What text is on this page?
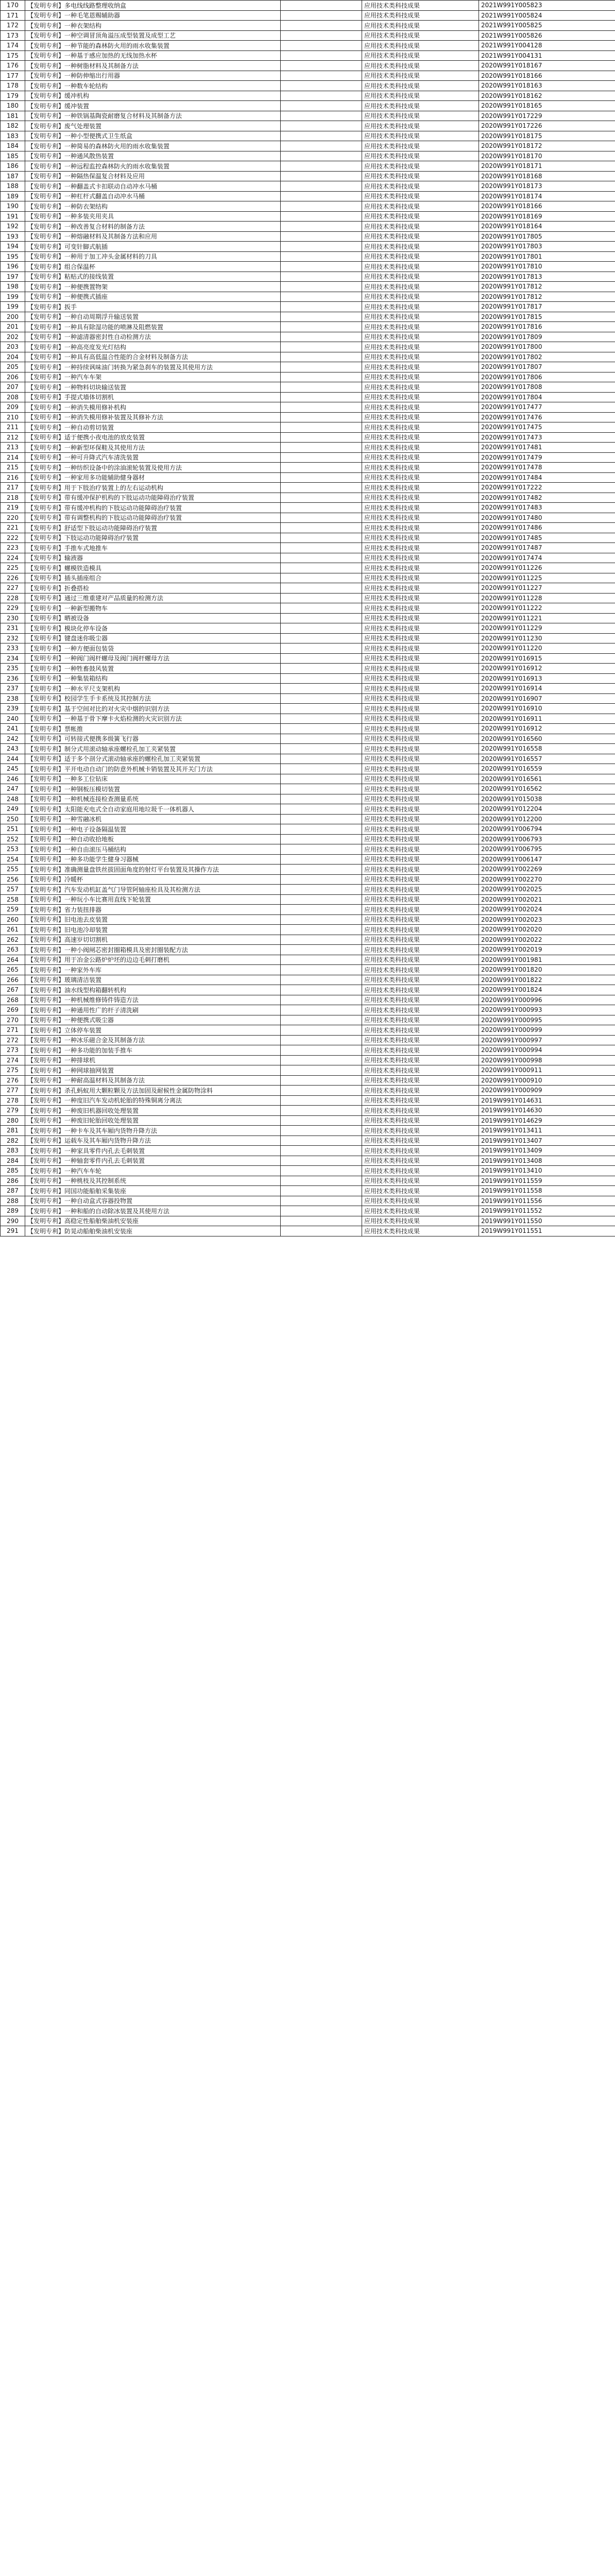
170	【发明专利】多电线线路整理收纳盒		应用技术类科技成果	2021W991Y005823
171	【发明专利】一种毛笔恩赐辅助器		应用技术类科技成果	2021W991Y005824
172	【发明专利】一种衣架结构		应用技术类科技成果	2021W991Y005825
173	【发明专利】一种空调冒顶角溢压成型装置及成型工艺		应用技术类科技成果	2021W991Y005826
174	【发明专利】一种节能的森林防火用的雨水收集装置		应用技术类科技成果	2021W991Y004128
175	【发明专利】一种基于感应加热的无线加热水杯		应用技术类科技成果	2021W991Y004131
176	【发明专利】一种树脂材料及其制备方法		应用技术类科技成果	2020W991Y018167
177	【发明专利】一种防伸缩出行用器		应用技术类科技成果	2020W991Y018166
178	【发明专利】一种数车轮结构		应用技术类科技成果	2020W991Y018163
179	【发明专利】缓冲机构		应用技术类科技成果	2020W991Y018162
180	【发明专利】缓冲装置		应用技术类科技成果	2020W991Y018165
181	【发明专利】一种铁锅基陶瓷耐磨复合材料及其制备方法		应用技术类科技成果	2020W991Y017229
182	【发明专利】废气处理装置		应用技术类科技成果	2020W991Y017226
183	【发明专利】一种小型便携式卫生纸盒		应用技术类科技成果	2020W991Y018175
184	【发明专利】一种简易的森林防火用的雨水收集装置		应用技术类科技成果	2020W991Y018172
185	【发明专利】一种通风散热装置		应用技术类科技成果	2020W991Y018170
186	【发明专利】一种远程监控森林防火的雨水收集装置		应用技术类科技成果	2020W991Y018171
187	【发明专利】一种隔热保温复合材料及应用		应用技术类科技成果	2020W991Y018168
188	【发明专利】一种翻盖式卡扣联动自动冲水马桶		应用技术类科技成果	2020W991Y018173
189	【发明专利】一种杠杆式翻盖自动冲水马桶		应用技术类科技成果	2020W991Y018174
190	【发明专利】一种防衣架结构		应用技术类科技成果	2020W991Y018166
191	【发明专利】一种多装夹用夹具		应用技术类科技成果	2020W991Y018169
192	【发明专利】一种改善复合材料的制备方法		应用技术类科技成果	2020W991Y018164
193	【发明专利】一种熔融材料及其制备方法和应用		应用技术类科技成果	2020W991Y017805
194	【发明专利】可变针脚式航插		应用技术类科技成果	2020W991Y017803
195	【发明专利】一种用于加工冲头金属材料的刀具		应用技术类科技成果	2020W991Y017801
196	【发明专利】组合保温杯		应用技术类科技成果	2020W991Y017810
197	【发明专利】粘贴式的接线装置		应用技术类科技成果	2020W991Y017813
198	【发明专利】一种便携置物架		应用技术类科技成果	2020W991Y017812
199	【发明专利】一种便携式插座		应用技术类科技成果	2020W991Y017812
199	【发明专利】扳手		应用技术类科技成果	2020W991Y017817
200	【发明专利】一种自动周期浮升输送装置		应用技术类科技成果	2020W991Y017815
201	【发明专利】一种具有除湿功能的喷淋及阻燃装置		应用技术类科技成果	2020W991Y017816
202	【发明专利】一种滤清器密封性自动检测方法		应用技术类科技成果	2020W991Y017809
203	【发明专利】一种高亮度发光灯结构		应用技术类科技成果	2020W991Y017800
204	【发明专利】一种具有高低温合性能的合金材料及制备方法		应用技术类科技成果	2020W991Y017802
205	【发明专利】一种持续讽味油门转换为紧急刹车的装置及其使用方法		应用技术类科技成果	2020W991Y017807
206	【发明专利】一种汽车车架		应用技术类科技成果	2020W991Y017806
207	【发明专利】一种物料切块输送装置		应用技术类科技成果	2020W991Y017808
208	【发明专利】手提式墙体切割机		应用技术类科技成果	2020W991Y017804
209	【发明专利】一种消失模用修补机构		应用技术类科技成果	2020W991Y017477
210	【发明专利】一种消失模用修补装置及其修补方法		应用技术类科技成果	2020W991Y017476
211	【发明专利】一种自动剪切装置		应用技术类科技成果	2020W991Y017475
212	【发明专利】适于便携小夜电池的放皮装置		应用技术类科技成果	2020W991Y017473
213	【发明专利】一种新型环保鞋及其使用方法		应用技术类科技成果	2020W991Y017481
214	【发明专利】一种可升降式汽车清洗装置		应用技术类科技成果	2020W991Y017479
215	【发明专利】一种纺织设备中的涂油滚轮装置及使用方法		应用技术类科技成果	2020W991Y017478
216	【发明专利】一种家用多功能辅助健身器材		应用技术类科技成果	2020W991Y017484
217	【发明专利】用于下肢治疗装置上的左右运动机构		应用技术类科技成果	2020W991Y017222
218	【发明专利】带有缓冲保护机构的下肢运动功能障碍治疗装置		应用技术类科技成果	2020W991Y017482
219	【发明专利】带有缓冲机构的下肢运动功能障碍治疗装置		应用技术类科技成果	2020W991Y017483
220	【发明专利】带有调整机构的下肢运动功能障碍治疗装置		应用技术类科技成果	2020W991Y017480
221	【发明专利】舒适型下肢运动功能障碍治疗装置		应用技术类科技成果	2020W991Y017486
222	【发明专利】下肢运动功能障碍治疗装置		应用技术类科技成果	2020W991Y017485
223	【发明专利】手推车式地推车		应用技术类科技成果	2020W991Y017487
224	【发明专利】输液器		应用技术类科技成果	2020W991Y017474
225	【发明专利】螺模铁造模具		应用技术类科技成果	2020W991Y011226
226	【发明专利】插头插座组合		应用技术类科技成果	2020W991Y011225
227	【发明专利】折叠搭检		应用技术类科技成果	2020W991Y011227
228	【发明专利】通过三维重建对产品质量的检测方法		应用技术类科技成果	2020W991Y011228
229	【发明专利】一种新型搬物车		应用技术类科技成果	2020W991Y011222
230	【发明专利】晒被设备		应用技术类科技成果	2020W991Y011221
231	【发明专利】模块化停车设备		应用技术类科技成果	2020W991Y011229
232	【发明专利】键盘迷你吸尘器		应用技术类科技成果	2020W991Y011230
233	【发明专利】一种方便面包装袋		应用技术类科技成果	2020W991Y011220
234	【发明专利】一种阀门阀杆螺母及阀门阀杆螺母方法		应用技术类科技成果	2020W991Y016915
235	【发明专利】一种牲畜鼓风装置		应用技术类科技成果	2020W991Y016912
236	【发明专利】一种集装箱结构		应用技术类科技成果	2020W991Y016913
237	【发明专利】一种水平尺支架机构		应用技术类科技成果	2020W991Y016914
238	【发明专利】校园学生手卡系统及其控制方法		应用技术类科技成果	2020W991Y016907
239	【发明专利】基于空间对比的对火灾中烟的识别方法		应用技术类科技成果	2020W991Y016910
240	【发明专利】一种基于骨下摩卡火焰检测的火灾识别方法		应用技术类科技成果	2020W991Y016911
241	【发明专利】票帐推		应用技术类科技成果	2020W991Y016912
242	【发明专利】可转接式便携多级簧飞行器		应用技术类科技成果	2020W991Y016560
243	【发明专利】制分式用滚动轴承座螺栓孔加工夹紧装置		应用技术类科技成果	2020W991Y016558
244	【发明专利】适于多个剖分式滚动轴承座的螺栓孔加工夹紧装置		应用技术类科技成果	2020W991Y016557
245	【发明专利】平开电动自动门的防意外机械卡销装置及其开关门方法		应用技术类科技成果	2020W991Y016559
246	【发明专利】一种多工位钻床		应用技术类科技成果	2020W991Y016561
247	【发明专利】一种钢板压模切装置		应用技术类科技成果	2020W991Y016562
248	【发明专利】一种机械连接检查测量系统		应用技术类科技成果	2020W991Y015038
249	【发明专利】太阳能充电式全自动家庭用地垃圾千一体机器人		应用技术类科技成果	2020W991Y012204
250	【发明专利】一种雪融冰机		应用技术类科技成果	2020W991Y012200
251	【发明专利】一种电子设备隔温装置		应用技术类科技成果	2020W991Y006794
252	【发明专利】一种自动收拾地板		应用技术类科技成果	2020W991Y006793
253	【发明专利】一种自由滚压马桶结构		应用技术类科技成果	2020W991Y006795
254	【发明专利】一种多功能学生健身习器械		应用技术类科技成果	2020W991Y006147
255	【发明专利】准确测量盘铁丝拔固面角度的射灯平台装置及其操作方法		应用技术类科技成果	2020W991Y002269
256	【发明专利】冷暖杯		应用技术类科技成果	2020W991Y002270
257	【发明专利】汽车发动机缸盖气门导管阿轴座检具及其检测方法		应用技术类科技成果	2020W991Y002025
258	【发明专利】一种玩小车比赛用直线下轮装置		应用技术类科技成果	2020W991Y002021
259	【发明专利】省力装扭排器		应用技术类科技成果	2020W991Y002024
260	【发明专利】旧电池去皮装置		应用技术类科技成果	2020W991Y002023
261	【发明专利】旧电池冷却装置		应用技术类科技成果	2020W991Y002020
262	【发明专利】高速岁切切割机		应用技术类科技成果	2020W991Y002022
263	【发明专利】一种小阀闸芯密封圈箱模具及密封圈装配方法		应用技术类科技成果	2020W991Y002019
264	【发明专利】用于冶金公路炉炉坯的边边毛刺打磨机		应用技术类科技成果	2020W991Y001981
265	【发明专利】一种家外车库		应用技术类科技成果	2020W991Y001820
266	【发明专利】玻璃清洁装置		应用技术类科技成果	2020W991Y001822
267	【发明专利】油水线型构箱翻转机构		应用技术类科技成果	2020W991Y001824
268	【发明专利】一种机械维修铸件铸造方法		应用技术类科技成果	2020W991Y000996
269	【发明专利】一种通用性广的杆子清洗刷		应用技术类科技成果	2020W991Y000993
270	【发明专利】一种便携式吸尘器		应用技术类科技成果	2020W991Y000995
271	【发明专利】立体停车装置		应用技术类科技成果	2020W991Y000999
272	【发明专利】一种冰乐磁合金及其制备方法		应用技术类科技成果	2020W991Y000997
273	【发明专利】一种多功能的加装手推车		应用技术类科技成果	2020W991Y000994
274	【发明专利】一种排球机		应用技术类科技成果	2020W991Y000998
275	【发明专利】一种网球抽网装置		应用技术类科技成果	2020W991Y000911
276	【发明专利】一种耐高温材料及其制备方法		应用技术类科技成果	2020W991Y000910
277	【发明专利】杀孔蚂蚁用大颗粒颗及方法加固及耐候性金属防物涂料		应用技术类科技成果	2020W991Y000909
278	【发明专利】一种度旧汽车发动机轮胎的特殊铜离分离法		应用技术类科技成果	2019W991Y014631
279	【发明专利】一种废旧机器回收处理装置		应用技术类科技成果	2019W991Y014630
280	【发明专利】一种废旧轮胎回收处理装置		应用技术类科技成果	2019W991Y014629
281	【发明专利】一种卡车及其车厢内货物升降方法		应用技术类科技成果	2019W991Y013411
282	【发明专利】运载车及其车厢内货物升降方法		应用技术类科技成果	2019W991Y013407
283	【发明专利】一种家具零件内孔去毛刺装置		应用技术类科技成果	2019W991Y013409
284	【发明专利】一种轴套零件内孔去毛刺装置		应用技术类科技成果	2019W991Y013408
285	【发明专利】一种汽车车轮		应用技术类科技成果	2019W991Y013410
286	【发明专利】一种桃枝及其控制系统		应用技术类科技成果	2019W991Y011559
287	【发明专利】同国功能船舶采集装座		应用技术类科技成果	2019W991Y011558
288	【发明专利】一种自动盒式容器投物置		应用技术类科技成果	2019W991Y011556
289	【发明专利】一种和船的自动除冰装置及其使用方法		应用技术类科技成果	2019W991Y011552
290	【发明专利】高稳定性船舶柴油机安装座		应用技术类科技成果	2019W991Y011550
291	【发明专利】防晃动船舶柴油机安装座		应用技术类科技成果	2019W991Y011551
